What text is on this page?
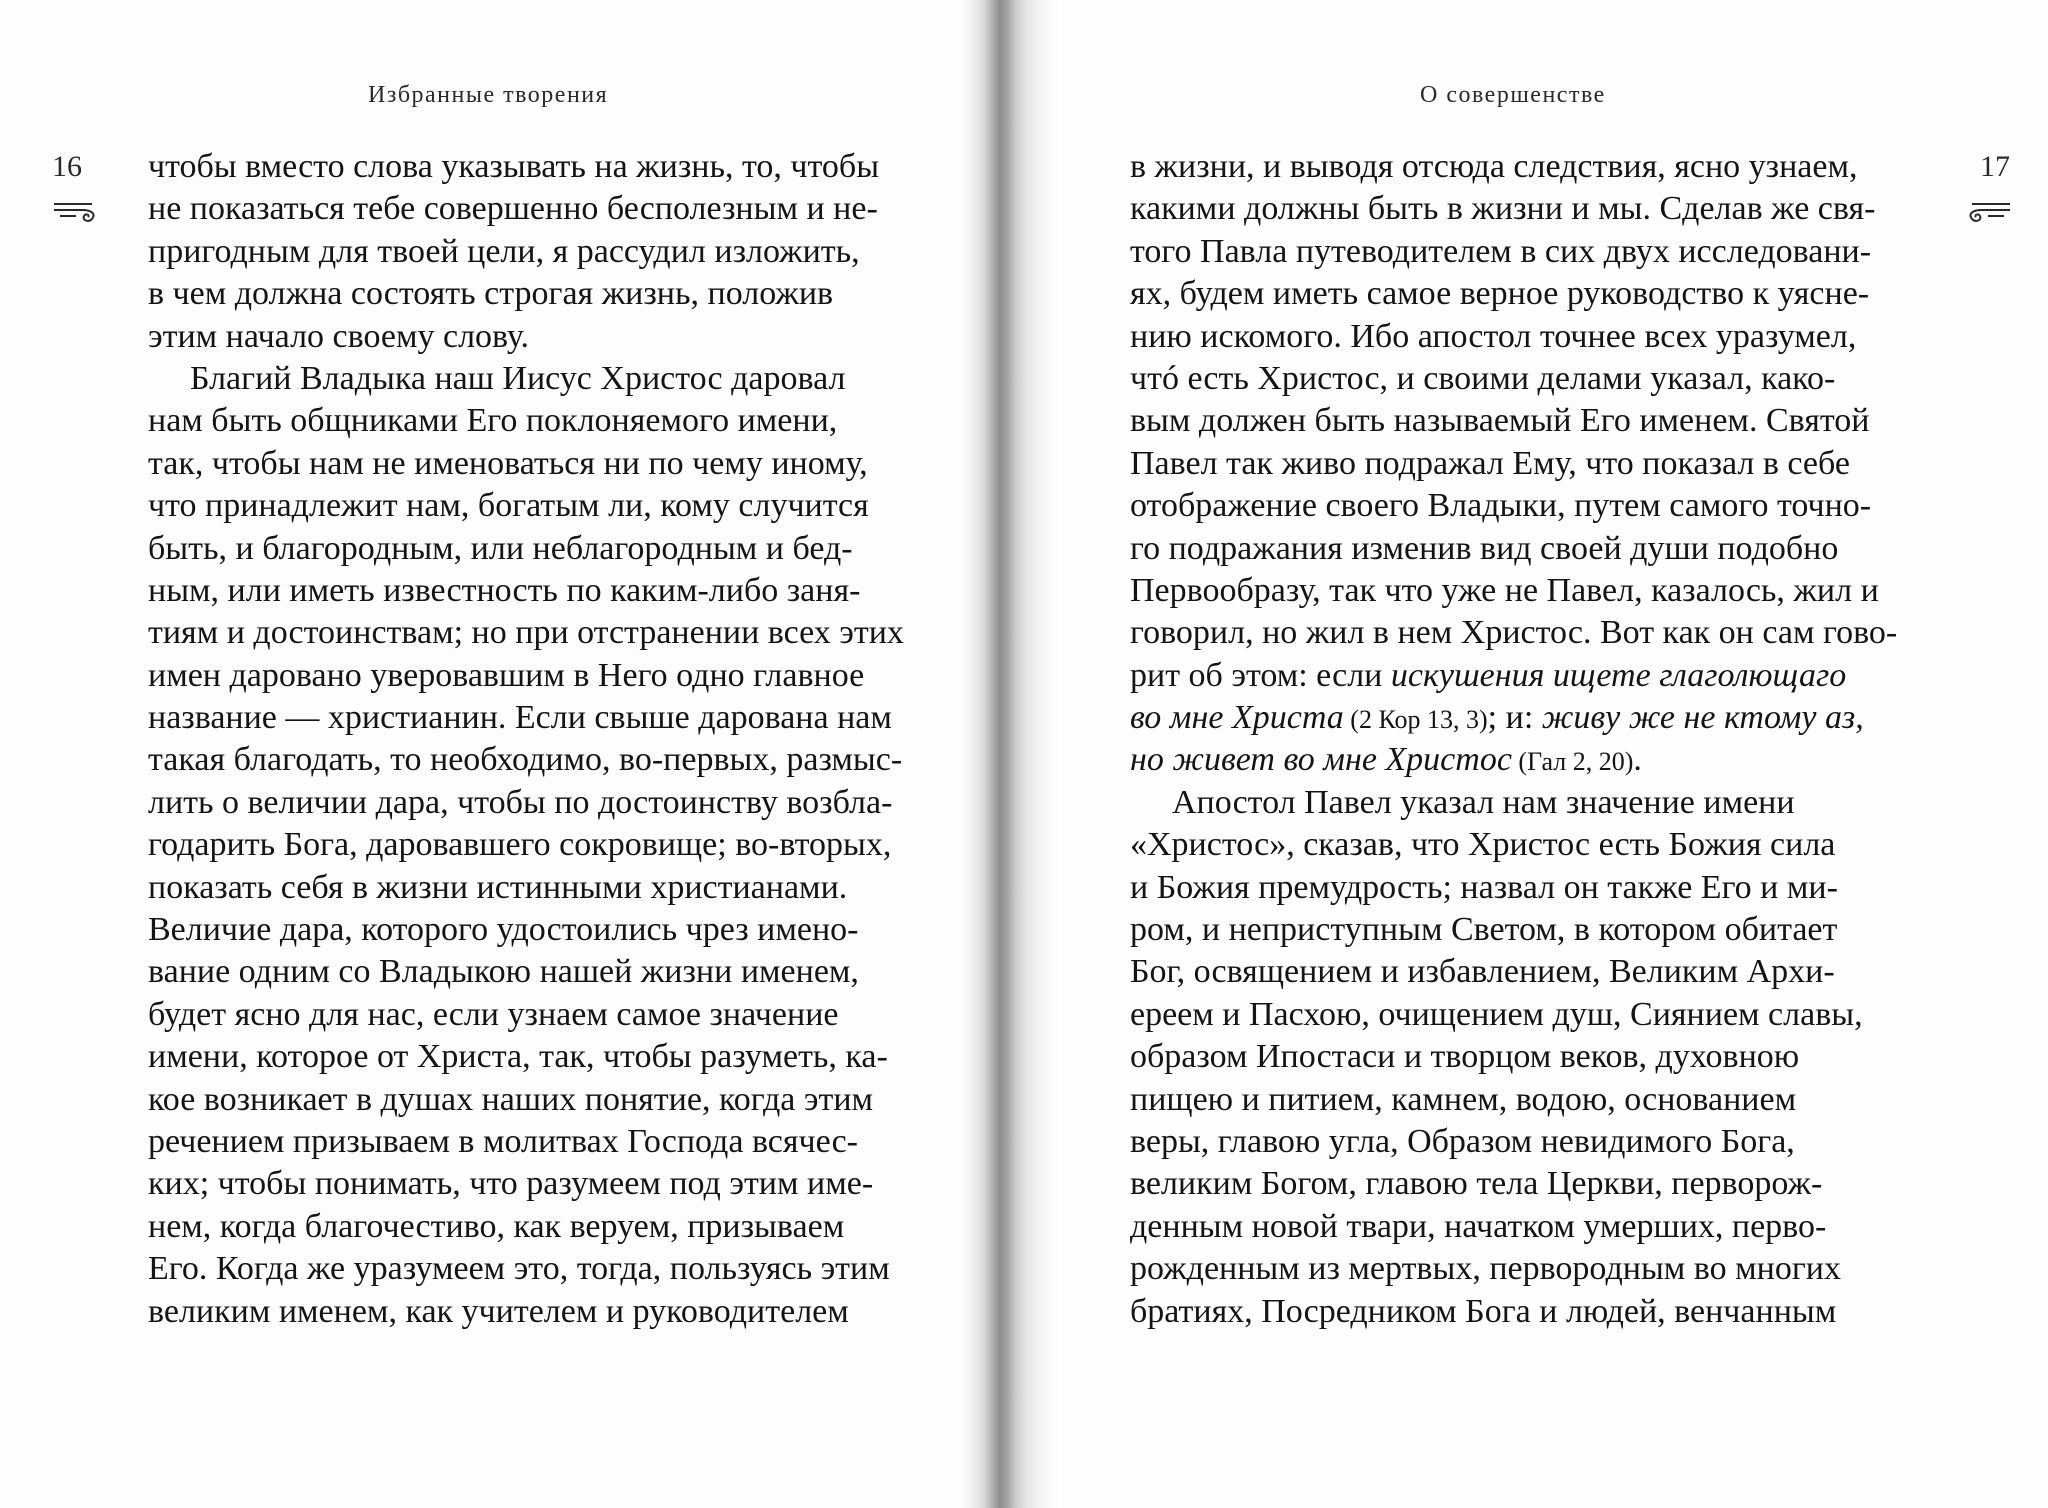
Избранные творения
16
О совершенстве
17
чтобы вместо слова указывать на жизнь, то, чтобы
не показаться тебе совершенно бесполезным и не-
пригодным для твоей цели, я рассудил изложить,
в чем должна состоять строгая жизнь, положив
этим начало своему слову.
Благий Владыка наш Иисус Христос даровал
нам быть общниками Его поклоняемого имени,
так, чтобы нам не именоваться ни по чему иному,
что принадлежит нам, богатым ли, кому случится
быть, и благородным, или неблагородным и бед-
ным, или иметь известность по каким-либо заня-
тиям и достоинствам; но при отстранении всех этих
имен даровано уверовавшим в Него одно главное
название — христианин. Если свыше дарована нам
такая благодать, то необходимо, во-первых, размыс-
лить о величии дара, чтобы по достоинству возбла-
годарить Бога, даровавшего сокровище; во-вторых,
показать себя в жизни истинными христианами.
Величие дара, которого удостоились чрез имено-
вание одним со Владыкою нашей жизни именем,
будет ясно для нас, если узнаем самое значение
имени, которое от Христа, так, чтобы разуметь, ка-
кое возникает в душах наших понятие, когда этим
речением призываем в молитвах Господа всячес-
ких; чтобы понимать, что разумеем под этим име-
нем, когда благочестиво, как веруем, призываем
Его. Когда же уразумеем это, тогда, пользуясь этим
великим именем, как учителем и руководителем
в жизни, и выводя отсюда следствия, ясно узнаем,
какими должны быть в жизни и мы. Сделав же свя-
того Павла путеводителем в сих двух исследовани-
ях, будем иметь самое верное руководство к уясне-
нию искомого. Ибо апостол точнее всех уразумел,
чтó есть Христос, и своими делами указал, како-
вым должен быть называемый Его именем. Святой
Павел так живо подражал Ему, что показал в себе
отображение своего Владыки, путем самого точно-
го подражания изменив вид своей души подобно
Первообразу, так что уже не Павел, казалось, жил и
говорил, но жил в нем Христос. Вот как он сам гово-
рит об этом: если искушения ищете глаголющаго
во мне Христа (2 Кор 13, 3); и: живу же не ктому аз,
но живет во мне Христос (Гал 2, 20).
Апостол Павел указал нам значение имени
«Христос», сказав, что Христос есть Божия сила
и Божия премудрость; назвал он также Его и ми-
ром, и неприступным Светом, в котором обитает
Бог, освящением и избавлением, Великим Архи-
ереем и Пасхою, очищением душ, Сиянием славы,
образом Ипостаси и творцом веков, духовною
пищею и питием, камнем, водою, основанием
веры, главою угла, Образом невидимого Бога,
великим Богом, главою тела Церкви, перворож-
денным новой твари, начатком умерших, перво-
рожденным из мертвых, первородным во многих
братиях, Посредником Бога и людей, венчанным
